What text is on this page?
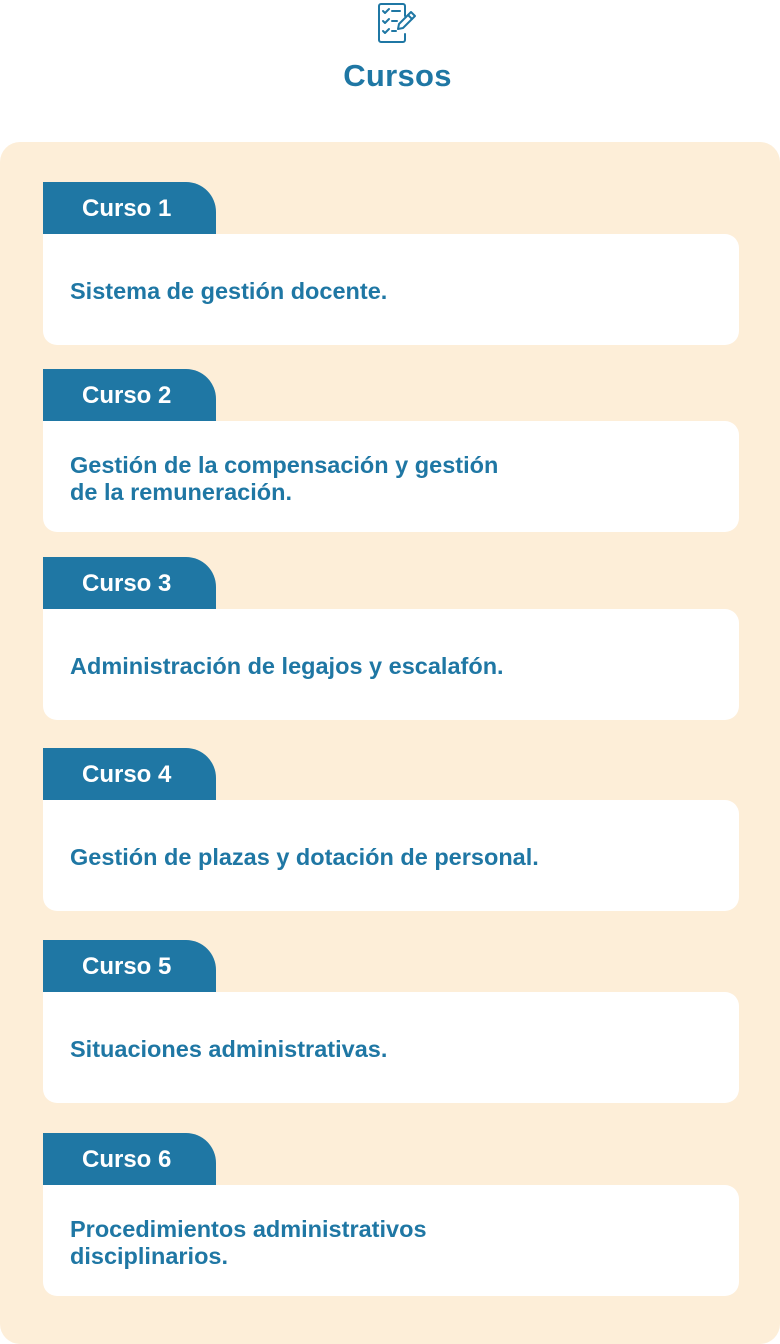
Cursos
Curso 1
Sistema de gestión docente.
Curso 2
Gestión de la compensación y gestión
de la remuneración.
Curso 3
Administración de legajos y escalafón.
Curso 4
Gestión de plazas y dotación de personal.
Curso 5
Situaciones administrativas.
Curso 6
Procedimientos administrativos disciplinarios.
